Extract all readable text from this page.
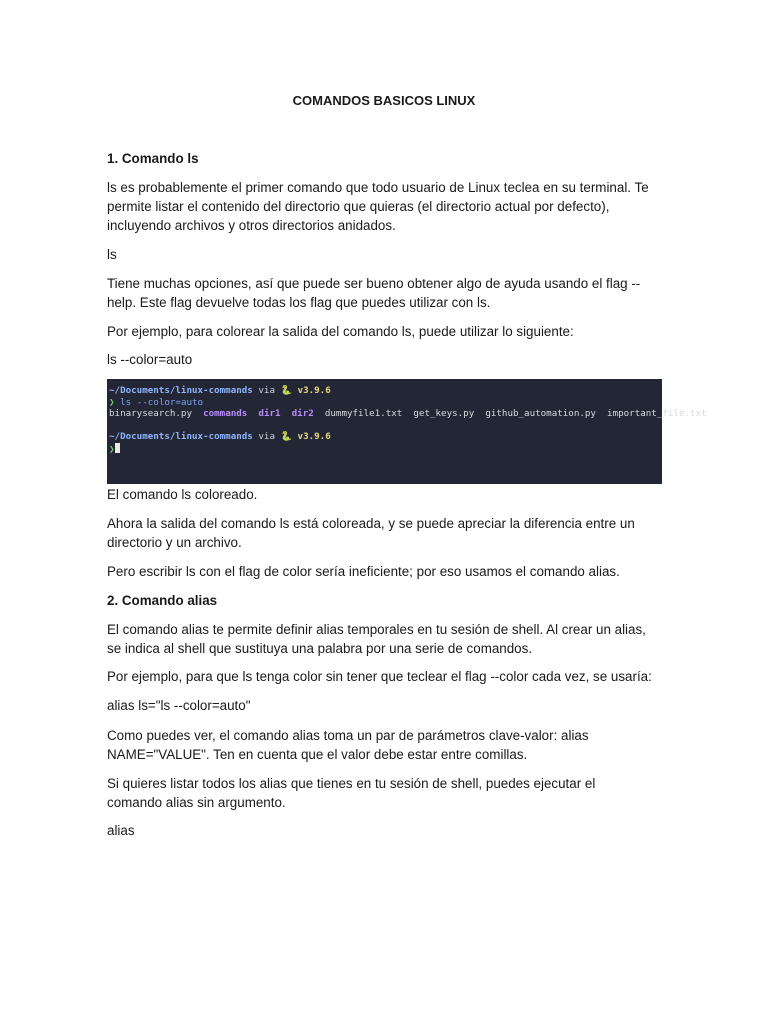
COMANDOS BASICOS LINUX

1. Comando ls

ls es probablemente el primer comando que todo usuario de Linux teclea en su terminal. Te permite listar el contenido del directorio que quieras (el directorio actual por defecto), incluyendo archivos y otros directorios anidados.

ls

Tiene muchas opciones, así que puede ser bueno obtener algo de ayuda usando el flag --help. Este flag devuelve todas los flag que puedes utilizar con ls.

Por ejemplo, para colorear la salida del comando ls, puede utilizar lo siguiente:

ls --color=auto

~/Documents/linux-commands via 🐍 v3.9.6

❯ ls --color=auto

binarysearch.py commands dir1 dir2 dummyfile1.txt get_keys.py github_automation.py important_file.txt

~/Documents/linux-commands via 🐍 v3.9.6

❯

El comando ls coloreado.

Ahora la salida del comando ls está coloreada, y se puede apreciar la diferencia entre un directorio y un archivo.

Pero escribir ls con el flag de color sería ineficiente; por eso usamos el comando alias.

2. Comando alias

El comando alias te permite definir alias temporales en tu sesión de shell. Al crear un alias, se indica al shell que sustituya una palabra por una serie de comandos.

Por ejemplo, para que ls tenga color sin tener que teclear el flag --color cada vez, se usaría:

alias ls="ls --color=auto"

Como puedes ver, el comando alias toma un par de parámetros clave-valor: alias NAME="VALUE". Ten en cuenta que el valor debe estar entre comillas.

Si quieres listar todos los alias que tienes en tu sesión de shell, puedes ejecutar el

comando alias sin argumento.

alias
